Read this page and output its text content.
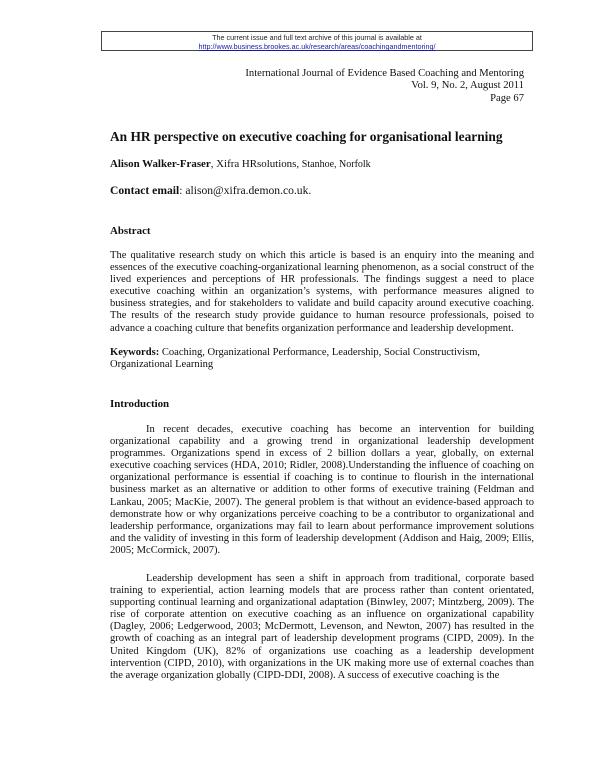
The current issue and full text archive of this journal is available at
http://www.business.brookes.ac.uk/research/areas/coachingandmentoring/
International Journal of Evidence Based Coaching and Mentoring
Vol. 9, No. 2, August 2011
Page 67
An HR perspective on executive coaching for organisational learning
Alison Walker-Fraser, Xifra HRsolutions, Stanhoe, Norfolk
Contact email: alison@xifra.demon.co.uk.
Abstract

The qualitative research study on which this article is based is an enquiry into the meaning and essences of the executive coaching-organizational learning phenomenon, as a social construct of the lived experiences and perceptions of HR professionals. The findings suggest a need to place executive coaching within an organization’s systems, with performance measures aligned to business strategies, and for stakeholders to validate and build capacity around executive coaching. The results of the research study provide guidance to human resource professionals, poised to advance a coaching culture that benefits organization performance and leadership development.

Keywords: Coaching, Organizational Performance, Leadership, Social Constructivism, Organizational Learning
Introduction

In recent decades, executive coaching has become an intervention for building organizational capability and a growing trend in organizational leadership development programmes. Organizations spend in excess of 2 billion dollars a year, globally, on external executive coaching services (HDA, 2010; Ridler, 2008).Understanding the influence of coaching on organizational performance is essential if coaching is to continue to flourish in the international business market as an alternative or addition to other forms of executive training (Feldman and Lankau, 2005; MacKie, 2007). The general problem is that without an evidence-based approach to demonstrate how or why organizations perceive coaching to be a contributor to organizational and leadership performance, organizations may fail to learn about performance improvement solutions and the validity of investing in this form of leadership development (Addison and Haig, 2009; Ellis, 2005; McCormick, 2007).

Leadership development has seen a shift in approach from traditional, corporate based training to experiential, action learning models that are process rather than content orientated, supporting continual learning and organizational adaptation (Binwley, 2007; Mintzberg, 2009). The rise of corporate attention on executive coaching as an influence on organizational capability (Dagley, 2006; Ledgerwood, 2003; McDermott, Levenson, and Newton, 2007) has resulted in the growth of coaching as an integral part of leadership development programs (CIPD, 2009). In the United Kingdom (UK), 82% of organizations use coaching as a leadership development intervention (CIPD, 2010), with organizations in the UK making more use of external coaches than the average organization globally (CIPD-DDI, 2008). A success of executive coaching is the
